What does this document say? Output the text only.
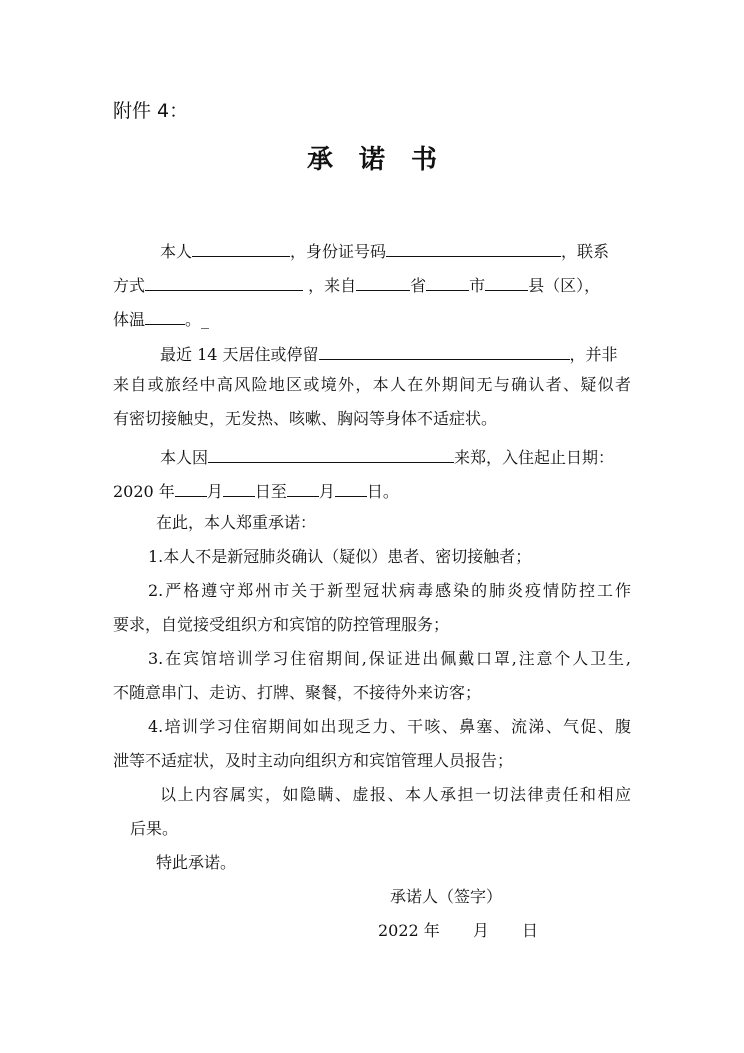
附件 4：
承诺书
本人	，身份证号码	，联系
方式	，来自	省	市	县（区），
体温	。_
最近 14 天居住或停留	，并非
来自或旅经中高风险地区或境外，本人在外期间无与确认者、疑似者
有密切接触史，无发热、咳嗽、胸闷等身体不适症状。
本人因	来郑，入住起止日期：
2020 年 月 日至 月 日。
在此，本人郑重承诺：
1.本人不是新冠肺炎确认（疑似）患者、密切接触者；
2.严格遵守郑州市关于新型冠状病毒感染的肺炎疫情防控工作
要求，自觉接受组织方和宾馆的防控管理服务；
3.在宾馆培训学习住宿期间,保证进出佩戴口罩,注意个人卫生,
不随意串门、走访、打牌、聚餐，不接待外来访客；
4.培训学习住宿期间如出现乏力、干咳、鼻塞、流涕、气促、腹
泄等不适症状，及时主动向组织方和宾馆管理人员报告；
以上内容属实，如隐瞒、虚报、本人承担一切法律责任和相应
后果。
特此承诺。
承诺人（签字）
2022 年 月 日
